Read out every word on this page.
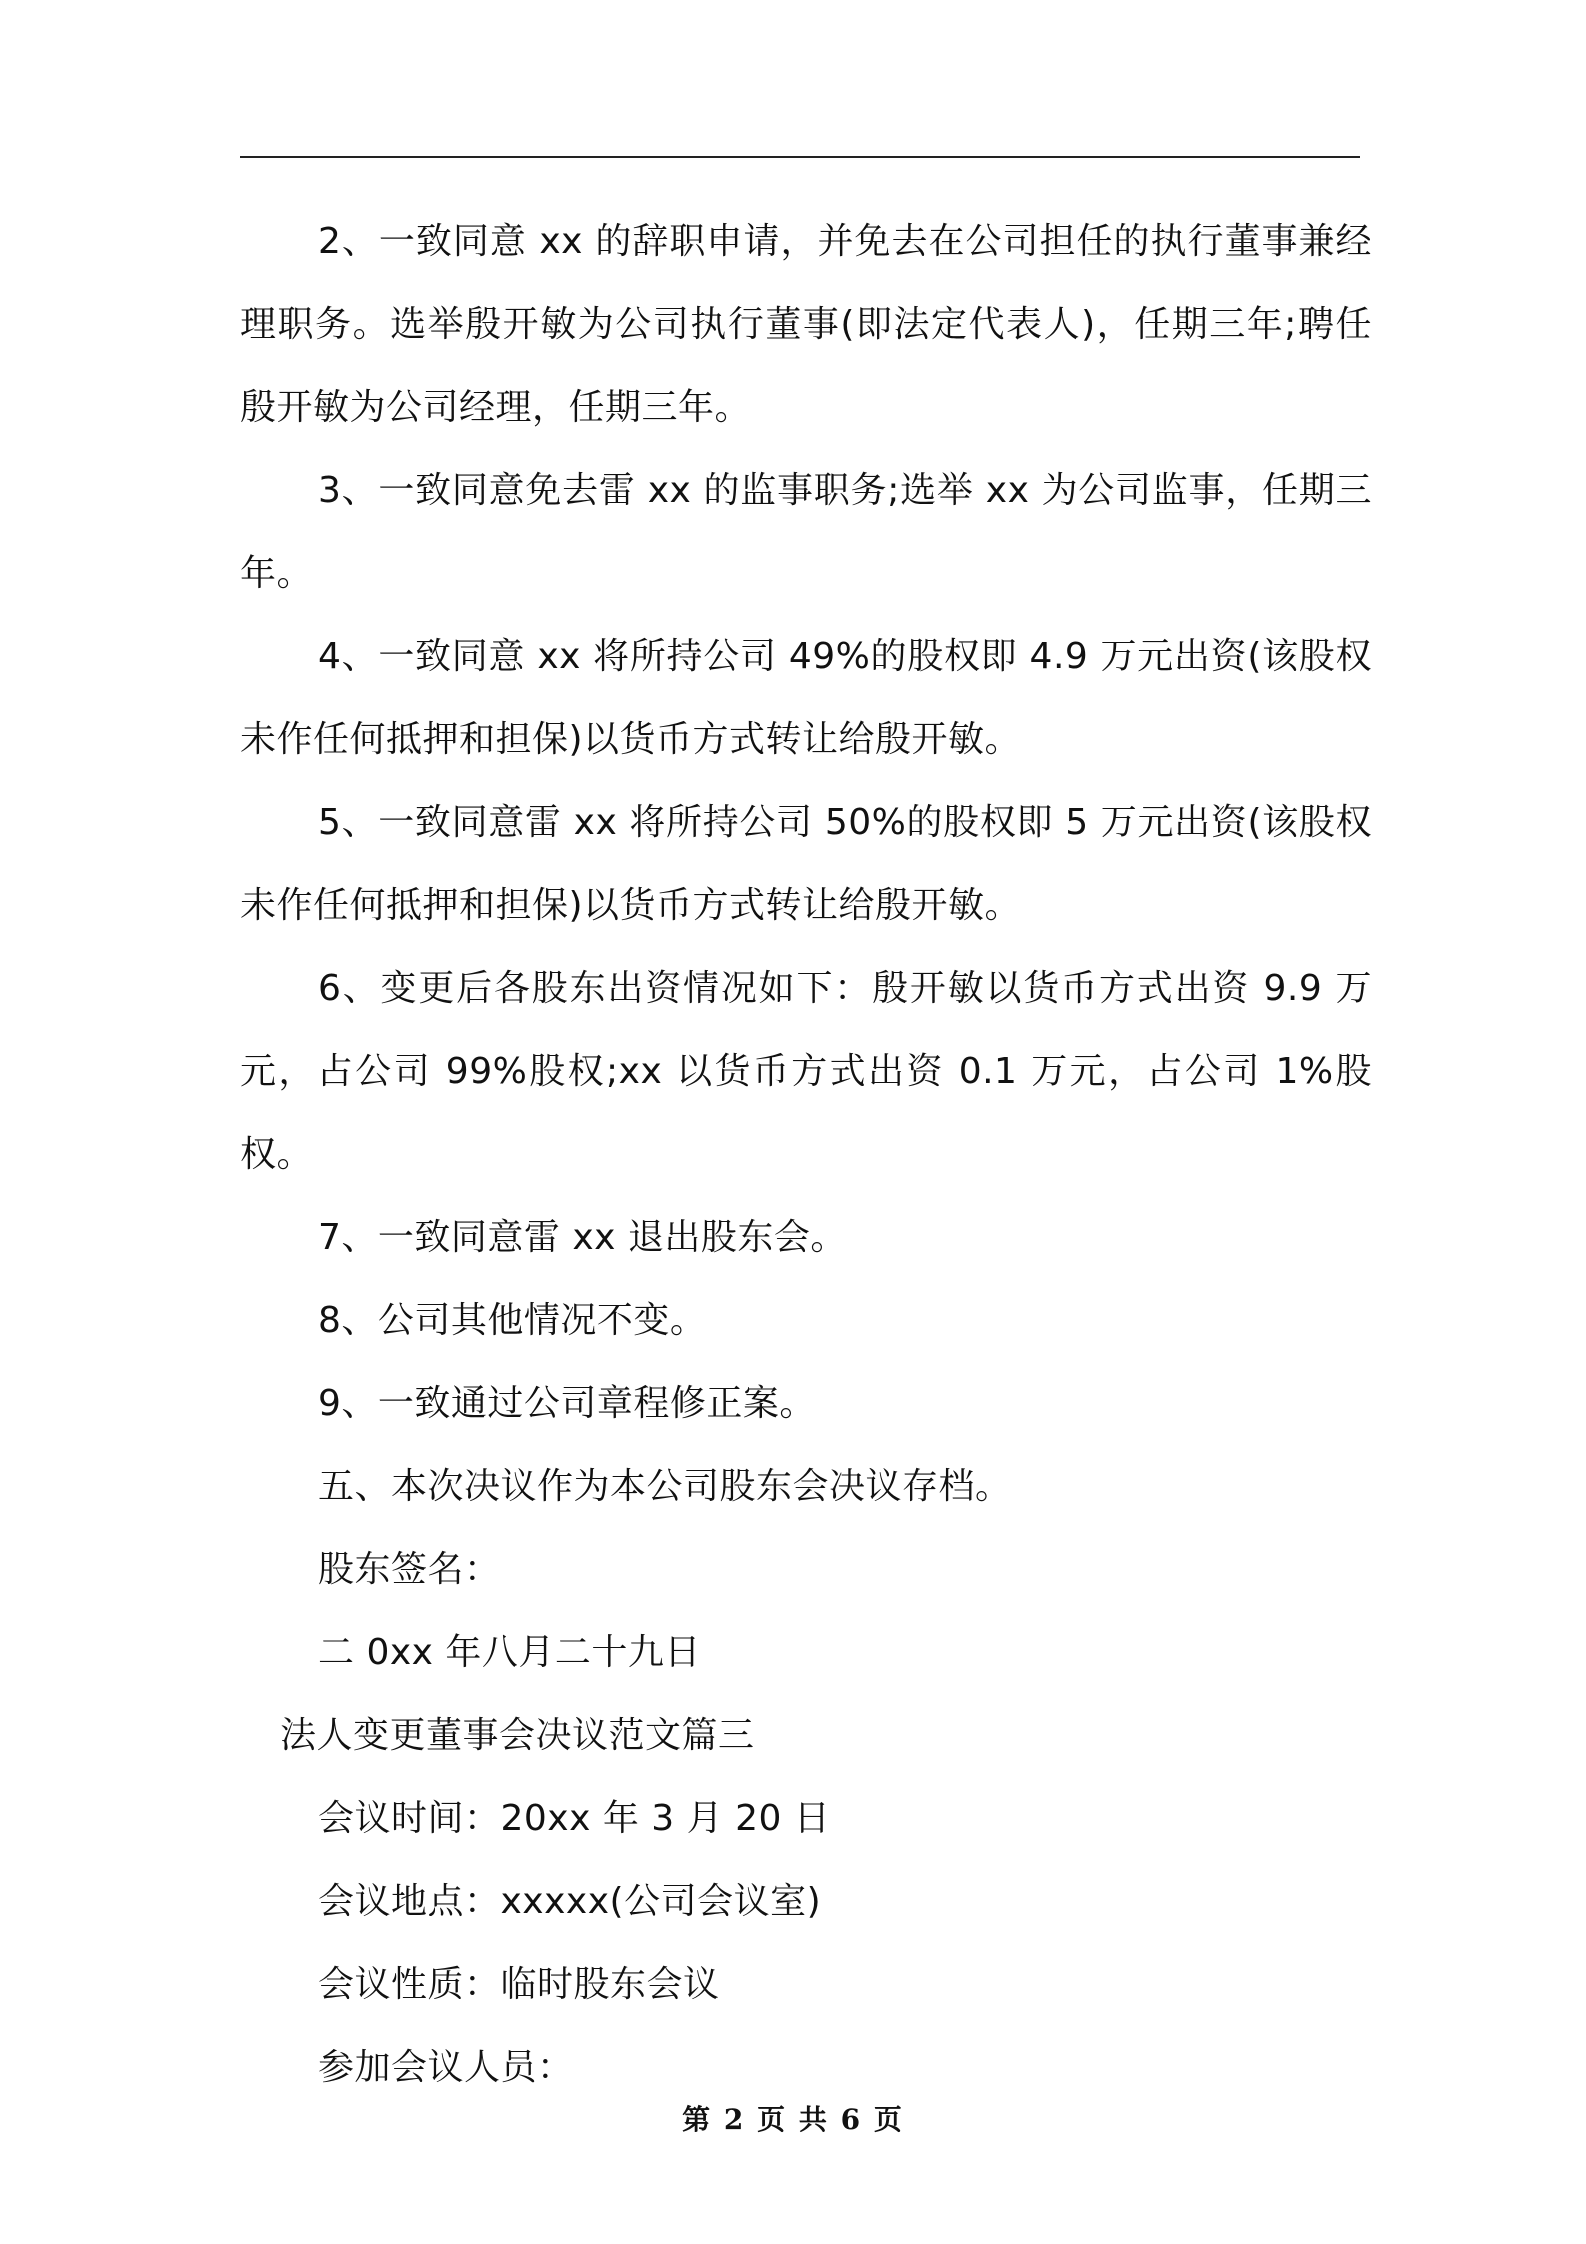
2、一致同意 xx 的辞职申请，并免去在公司担任的执行董事兼经理职务。选举殷开敏为公司执行董事(即法定代表人)，任期三年;聘任殷开敏为公司经理，任期三年。

3、一致同意免去雷 xx 的监事职务;选举 xx 为公司监事，任期三年。

4、一致同意 xx 将所持公司 49%的股权即 4.9 万元出资(该股权未作任何抵押和担保)以货币方式转让给殷开敏。

5、一致同意雷 xx 将所持公司 50%的股权即 5 万元出资(该股权未作任何抵押和担保)以货币方式转让给殷开敏。

6、变更后各股东出资情况如下：殷开敏以货币方式出资 9.9 万元，占公司 99%股权;xx 以货币方式出资 0.1 万元，占公司 1%股权。

7、一致同意雷 xx 退出股东会。

8、公司其他情况不变。

9、一致通过公司章程修正案。

五、本次决议作为本公司股东会决议存档。

股东签名：

二 0xx 年八月二十九日

法人变更董事会决议范文篇三

会议时间：20xx 年 3 月 20 日

会议地点：xxxxx(公司会议室)

会议性质：临时股东会议

参加会议人员：

第 2 页 共 6 页
